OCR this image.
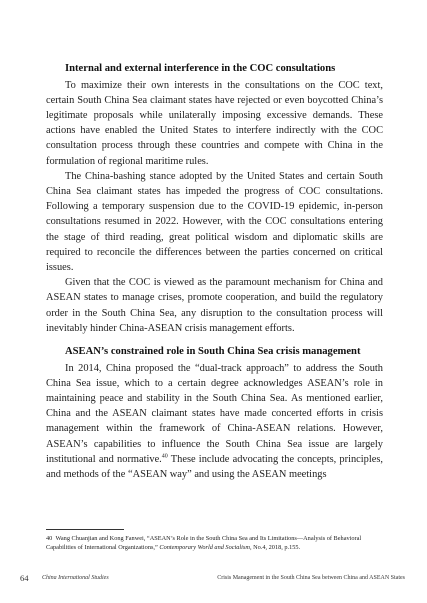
Internal and external interference in the COC consultations

To maximize their own interests in the consultations on the COC text, certain South China Sea claimant states have rejected or even boycotted China’s legitimate proposals while unilaterally imposing excessive demands. These actions have enabled the United States to interfere indirectly with the COC consultation process through these countries and compete with China in the formulation of regional maritime rules.

The China-bashing stance adopted by the United States and certain South China Sea claimant states has impeded the progress of COC consultations. Following a temporary suspension due to the COVID-19 epidemic, in-person consultations resumed in 2022. However, with the COC consultations entering the stage of third reading, great political wisdom and diplomatic skills are required to reconcile the differences between the parties concerned on critical issues.

Given that the COC is viewed as the paramount mechanism for China and ASEAN states to manage crises, promote cooperation, and build the regulatory order in the South China Sea, any disruption to the consultation process will inevitably hinder China-ASEAN crisis management efforts.

ASEAN’s constrained role in South China Sea crisis management

In 2014, China proposed the “dual-track approach” to address the South China Sea issue, which to a certain degree acknowledges ASEAN’s role in maintaining peace and stability in the South China Sea. As mentioned earlier, China and the ASEAN claimant states have made concerted efforts in crisis management within the framework of China-ASEAN relations. However, ASEAN’s capabilities to influence the South China Sea issue are largely institutional and normative.$^{40}$ These include advocating the concepts, principles, and methods of the “ASEAN way” and using the ASEAN meetings

40 Wang Chuanjian and Kong Fanwei, “ASEAN’s Role in the South China Sea and Its Limitations—Analysis of Behavioral Capabilities of International Organizations,” Contemporary World and Socialism, No.4, 2018, p.155.
64 China International Studies	Crisis Management in the South China Sea between China and ASEAN States
